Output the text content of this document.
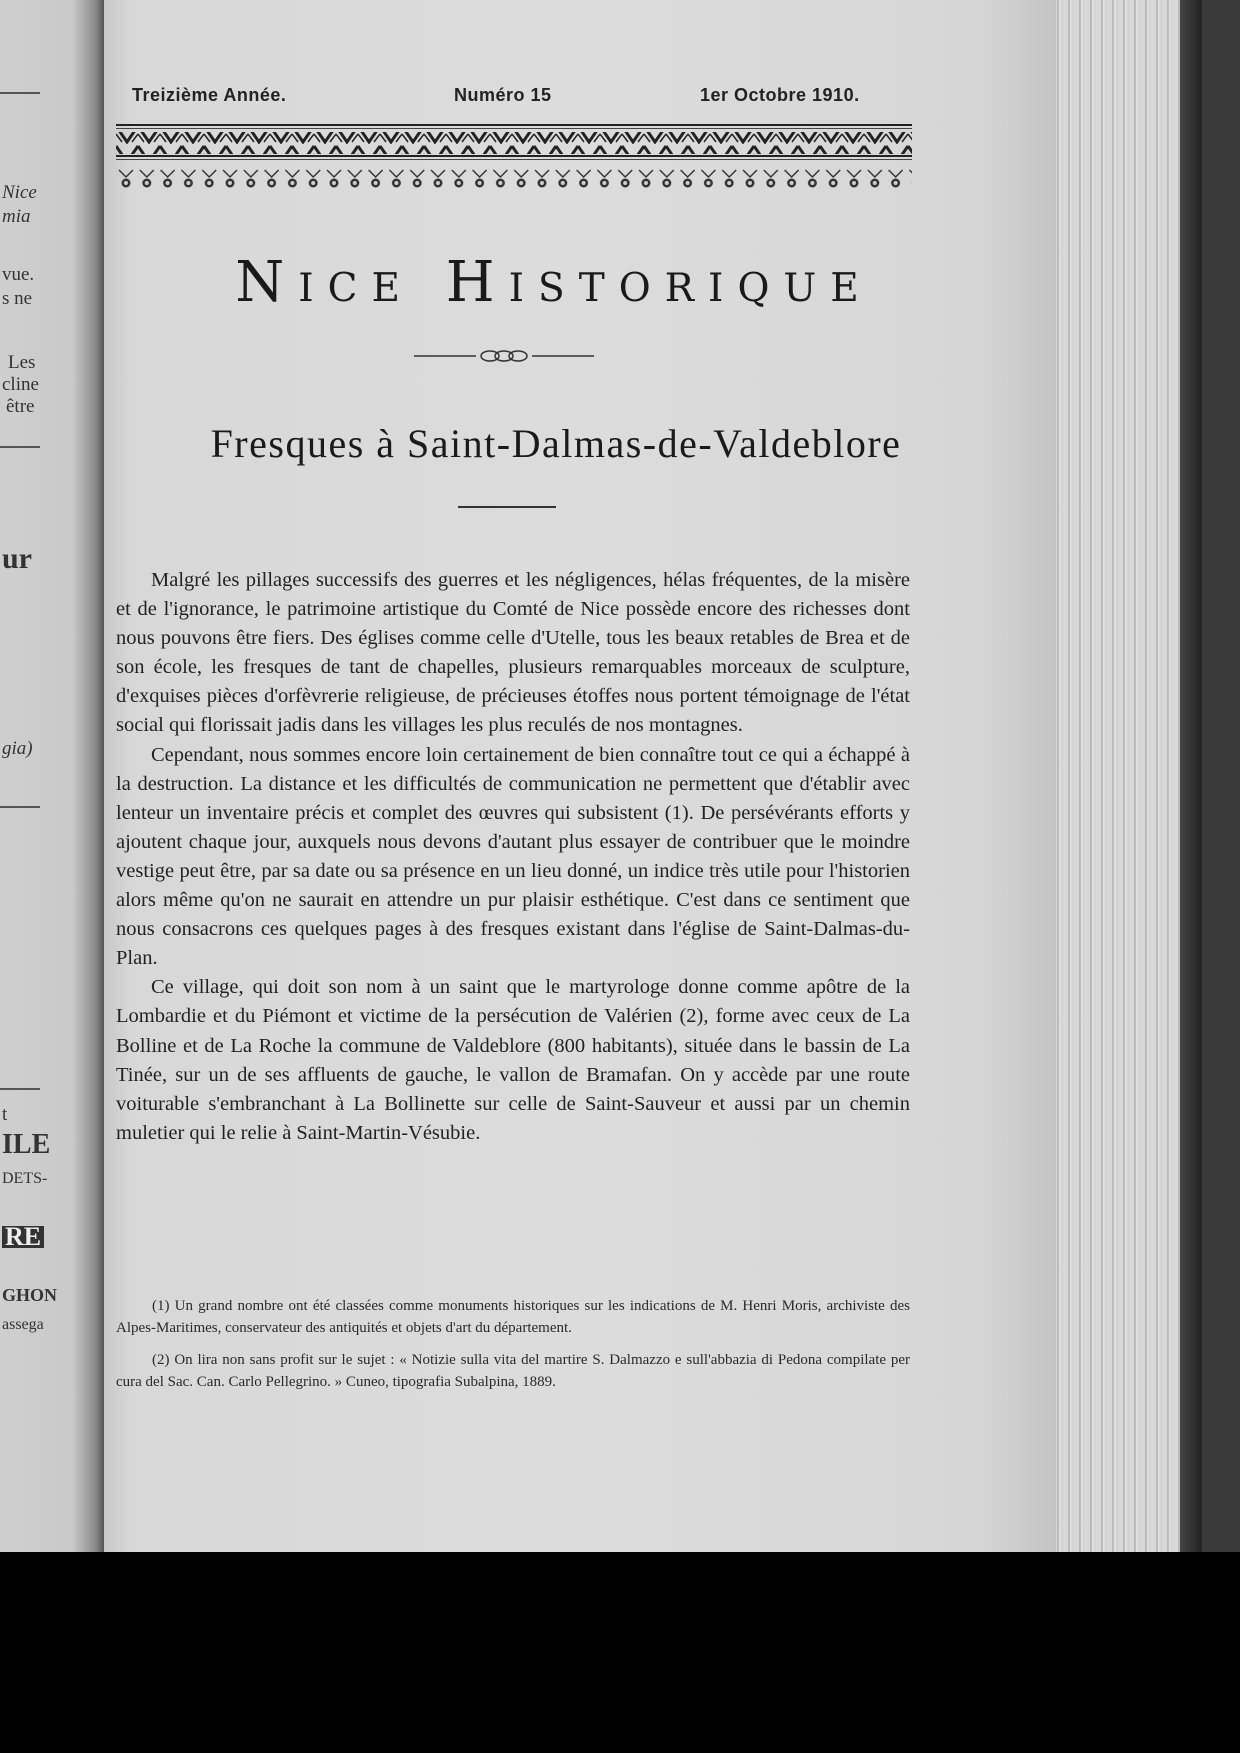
Nice
mia
vue.
s ne
Les
cline
être
ur
gia)
t
ILE
DETS-
RE
GHON
assega
Treizième Année.	Numéro 15	1er Octobre 1910.
Nice Historique
Fresques à Saint-Dalmas-de-Valdeblore

Malgré les pillages successifs des guerres et les négligences, hélas fréquentes, de la misère et de l'ignorance, le patrimoine artistique du Comté de Nice possède encore des richesses dont nous pouvons être fiers. Des églises comme celle d'Utelle, tous les beaux retables de Brea et de son école, les fresques de tant de chapelles, plusieurs remarquables morceaux de sculpture, d'exquises pièces d'orfèvrerie religieuse, de précieuses étoffes nous portent témoignage de l'état social qui florissait jadis dans les villages les plus reculés de nos montagnes.

Cependant, nous sommes encore loin certainement de bien connaître tout ce qui a échappé à la destruction. La distance et les difficultés de communication ne permettent que d'établir avec lenteur un inventaire précis et complet des œuvres qui subsistent (1). De persévérants efforts y ajoutent chaque jour, auxquels nous devons d'autant plus essayer de contribuer que le moindre vestige peut être, par sa date ou sa présence en un lieu donné, un indice très utile pour l'historien alors même qu'on ne saurait en attendre un pur plaisir esthétique. C'est dans ce sentiment que nous consacrons ces quelques pages à des fresques existant dans l'église de Saint-Dalmas-du-Plan.

Ce village, qui doit son nom à un saint que le martyrologe donne comme apôtre de la Lombardie et du Piémont et victime de la persécution de Valérien (2), forme avec ceux de La Bolline et de La Roche la commune de Valdeblore (800 habitants), située dans le bassin de La Tinée, sur un de ses affluents de gauche, le vallon de Bramafan. On y accède par une route voiturable s'embranchant à La Bollinette sur celle de Saint-Sauveur et aussi par un chemin muletier qui le relie à Saint-Martin-Vésubie.

(1) Un grand nombre ont été classées comme monuments historiques sur les indications de M. Henri Moris, archiviste des Alpes-Maritimes, conservateur des antiquités et objets d'art du département.

(2) On lira non sans profit sur le sujet : « Notizie sulla vita del martire S. Dalmazzo e sull'abbazia di Pedona compilate per cura del Sac. Can. Carlo Pellegrino. » Cuneo, tipografia Subalpina, 1889.
